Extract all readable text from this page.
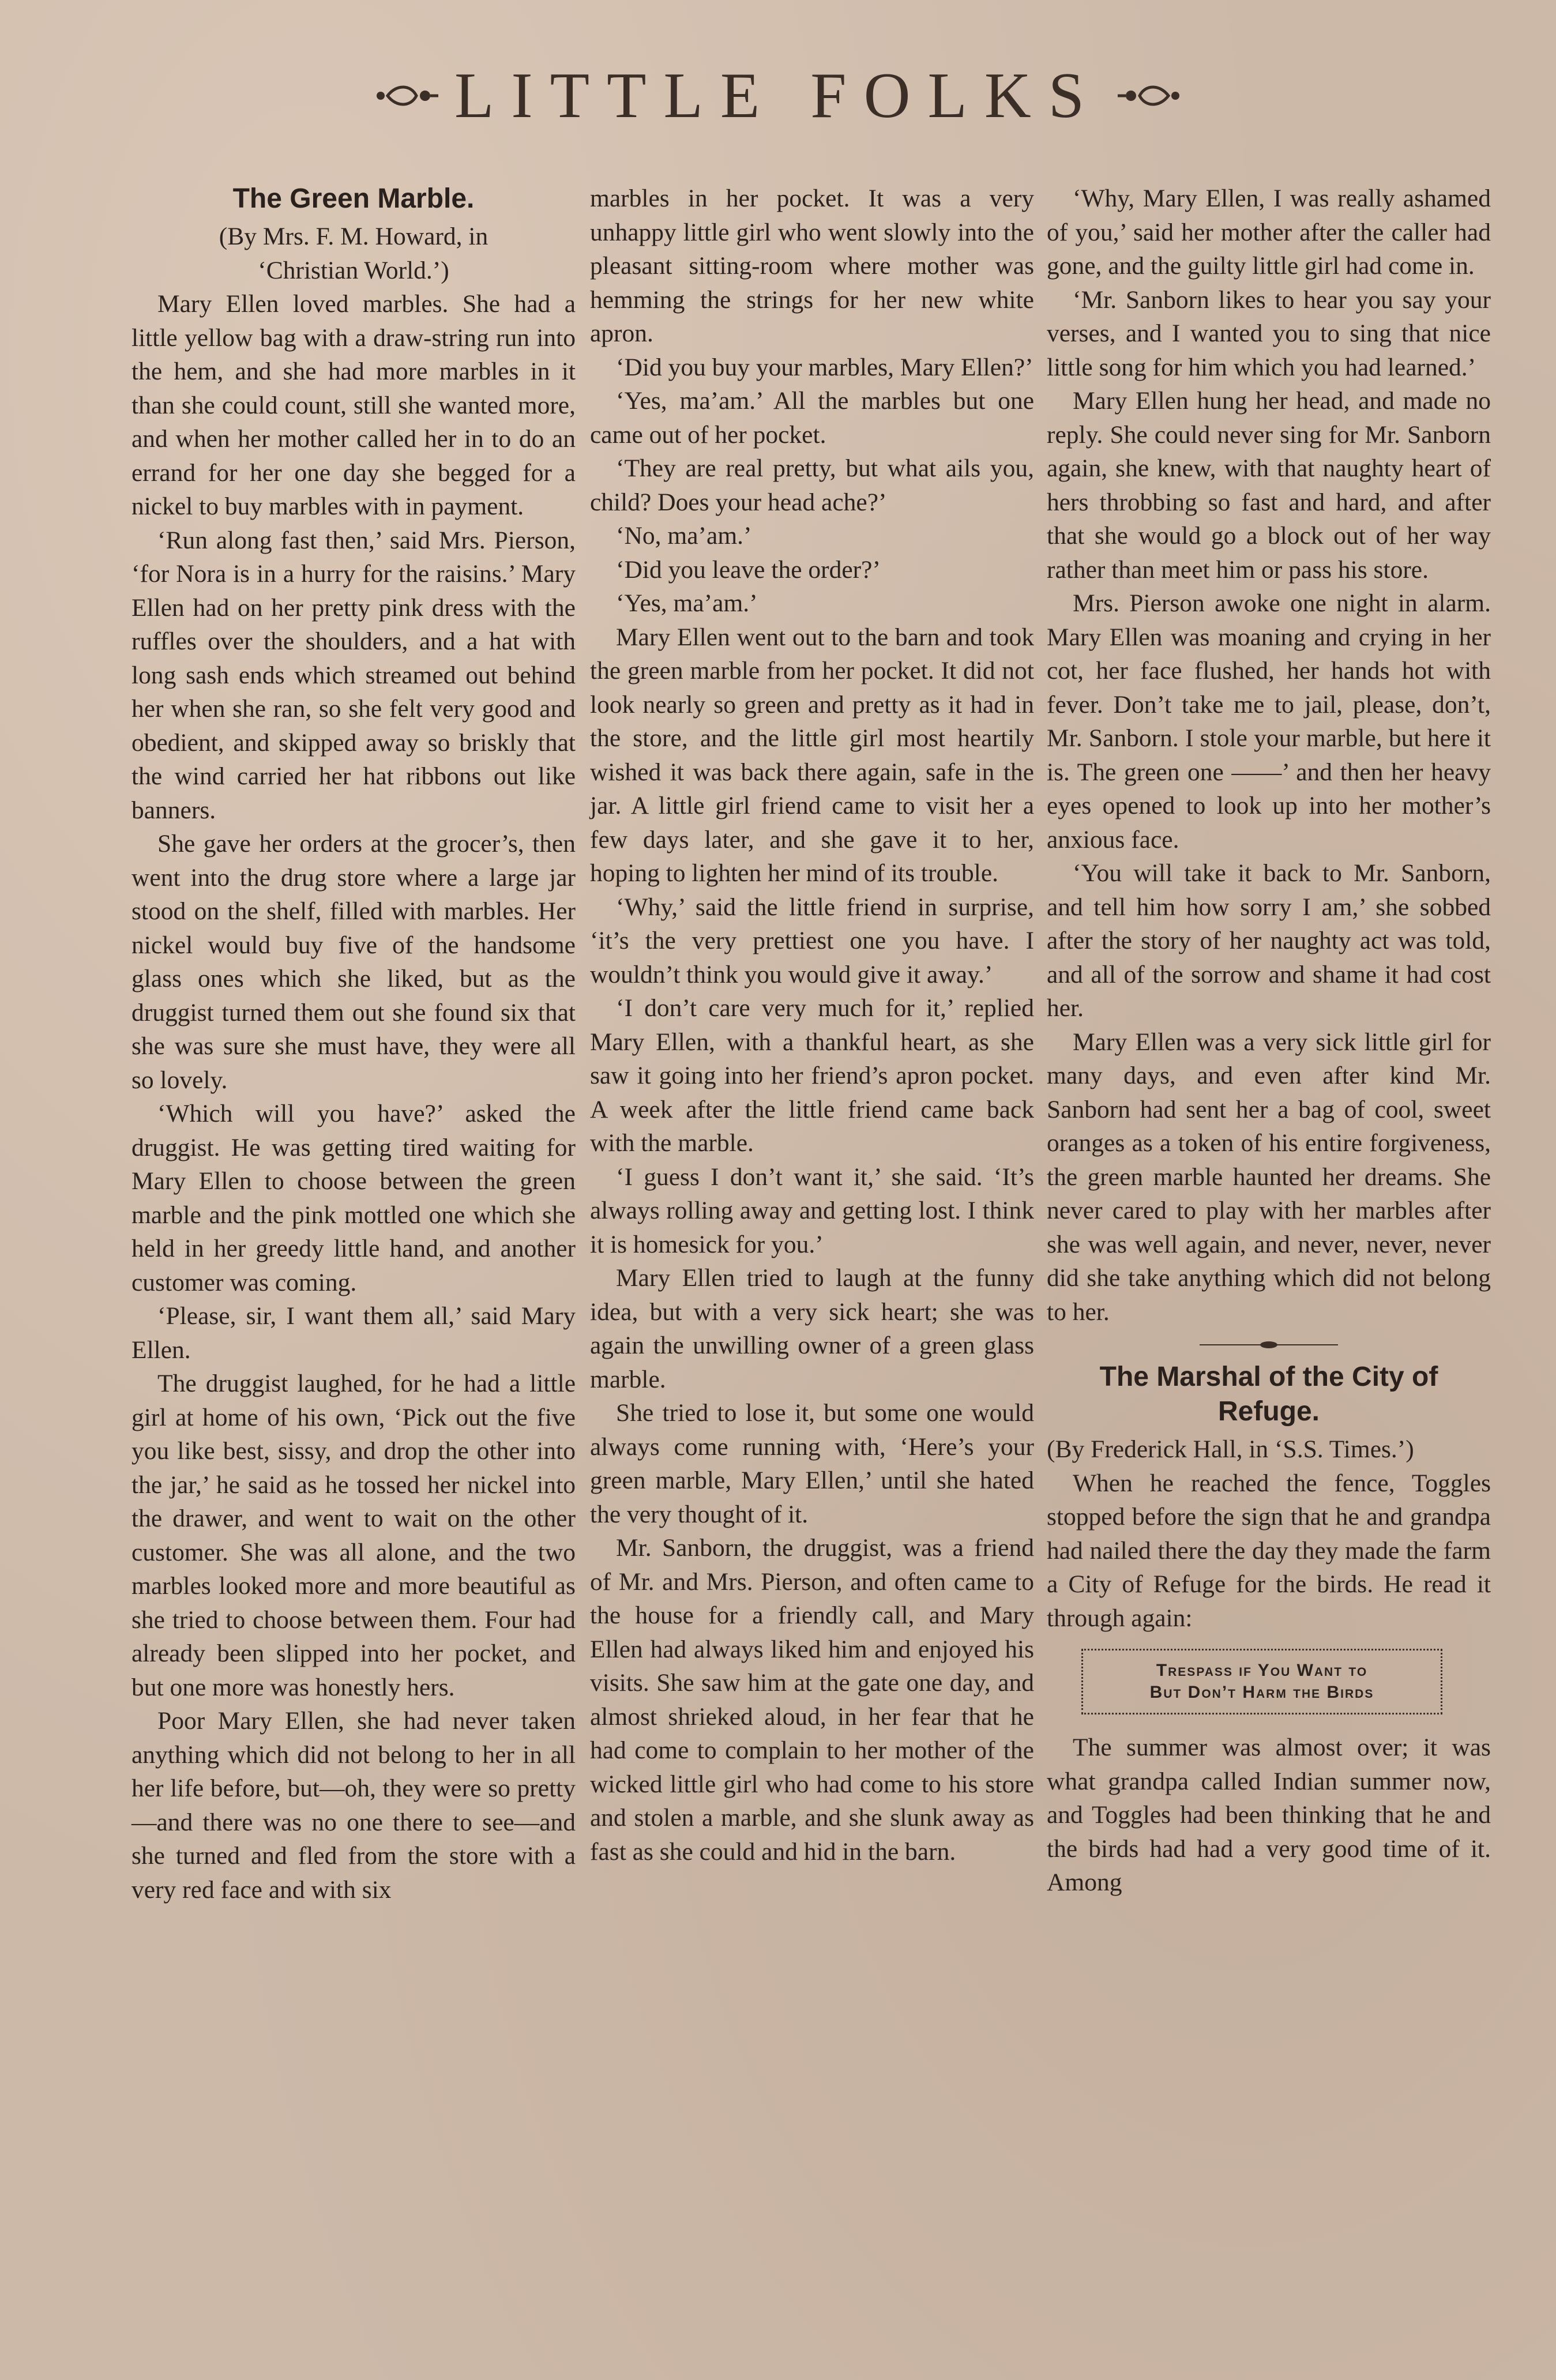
LITTLE FOLKS
The Green Marble.

(By Mrs. F. M. Howard, in

‘Christian World.’)

Mary Ellen loved marbles. She had a little yellow bag with a draw-string run into the hem, and she had more marbles in it than she could count, still she wanted more, and when her mother called her in to do an errand for her one day she begged for a nickel to buy marbles with in payment.

‘Run along fast then,’ said Mrs. Pierson, ‘for Nora is in a hurry for the raisins.’ Mary Ellen had on her pretty pink dress with the ruffles over the shoulders, and a hat with long sash ends which streamed out behind her when she ran, so she felt very good and obedient, and skipped away so briskly that the wind carried her hat ribbons out like banners.

She gave her orders at the grocer’s, then went into the drug store where a large jar stood on the shelf, filled with marbles. Her nickel would buy five of the handsome glass ones which she liked, but as the druggist turned them out she found six that she was sure she must have, they were all so lovely.

‘Which will you have?’ asked the druggist. He was getting tired waiting for Mary Ellen to choose between the green marble and the pink mottled one which she held in her greedy little hand, and another customer was coming.

‘Please, sir, I want them all,’ said Mary Ellen.

The druggist laughed, for he had a little girl at home of his own, ‘Pick out the five you like best, sissy, and drop the other into the jar,’ he said as he tossed her nickel into the drawer, and went to wait on the other customer. She was all alone, and the two marbles looked more and more beautiful as she tried to choose between them. Four had already been slipped into her pocket, and but one more was honestly hers.

Poor Mary Ellen, she had never taken anything which did not belong to her in all her life before, but—oh, they were so pretty—and there was no one there to see—and she turned and fled from the store with a very red face and with six

marbles in her pocket. It was a very unhappy little girl who went slowly into the pleasant sitting-room where mother was hemming the strings for her new white apron.

‘Did you buy your marbles, Mary Ellen?’

‘Yes, ma’am.’ All the marbles but one came out of her pocket.

‘They are real pretty, but what ails you, child? Does your head ache?’

‘No, ma’am.’

‘Did you leave the order?’

‘Yes, ma’am.’

Mary Ellen went out to the barn and took the green marble from her pocket. It did not look nearly so green and pretty as it had in the store, and the little girl most heartily wished it was back there again, safe in the jar. A little girl friend came to visit her a few days later, and she gave it to her, hoping to lighten her mind of its trouble.

‘Why,’ said the little friend in surprise, ‘it’s the very prettiest one you have. I wouldn’t think you would give it away.’

‘I don’t care very much for it,’ replied Mary Ellen, with a thankful heart, as she saw it going into her friend’s apron pocket. A week after the little friend came back with the marble.

‘I guess I don’t want it,’ she said. ‘It’s always rolling away and getting lost. I think it is homesick for you.’

Mary Ellen tried to laugh at the funny idea, but with a very sick heart; she was again the unwilling owner of a green glass marble.

She tried to lose it, but some one would always come running with, ‘Here’s your green marble, Mary Ellen,’ until she hated the very thought of it.

Mr. Sanborn, the druggist, was a friend of Mr. and Mrs. Pierson, and often came to the house for a friendly call, and Mary Ellen had always liked him and enjoyed his visits. She saw him at the gate one day, and almost shrieked aloud, in her fear that he had come to complain to her mother of the wicked little girl who had come to his store and stolen a marble, and she slunk away as fast as she could and hid in the barn.

‘Why, Mary Ellen, I was really ashamed of you,’ said her mother after the caller had gone, and the guilty little girl had come in.

‘Mr. Sanborn likes to hear you say your verses, and I wanted you to sing that nice little song for him which you had learned.’

Mary Ellen hung her head, and made no reply. She could never sing for Mr. Sanborn again, she knew, with that naughty heart of hers throbbing so fast and hard, and after that she would go a block out of her way rather than meet him or pass his store.

Mrs. Pierson awoke one night in alarm. Mary Ellen was moaning and crying in her cot, her face flushed, her hands hot with fever. Don’t take me to jail, please, don’t, Mr. Sanborn. I stole your marble, but here it is. The green one ——’ and then her heavy eyes opened to look up into her mother’s anxious face.

‘You will take it back to Mr. Sanborn, and tell him how sorry I am,’ she sobbed after the story of her naughty act was told, and all of the sorrow and shame it had cost her.

Mary Ellen was a very sick little girl for many days, and even after kind Mr. Sanborn had sent her a bag of cool, sweet oranges as a token of his entire forgiveness, the green marble haunted her dreams. She never cared to play with her marbles after she was well again, and never, never, never did she take anything which did not belong to her.

The Marshal of the City of Refuge.

(By Frederick Hall, in ‘S.S. Times.’)

When he reached the fence, Toggles stopped before the sign that he and grandpa had nailed there the day they made the farm a City of Refuge for the birds. He read it through again:

Trespass if You Want to
But Don’t Harm the Birds

The summer was almost over; it was what grandpa called Indian summer now, and Toggles had been thinking that he and the birds had had a very good time of it. Among
